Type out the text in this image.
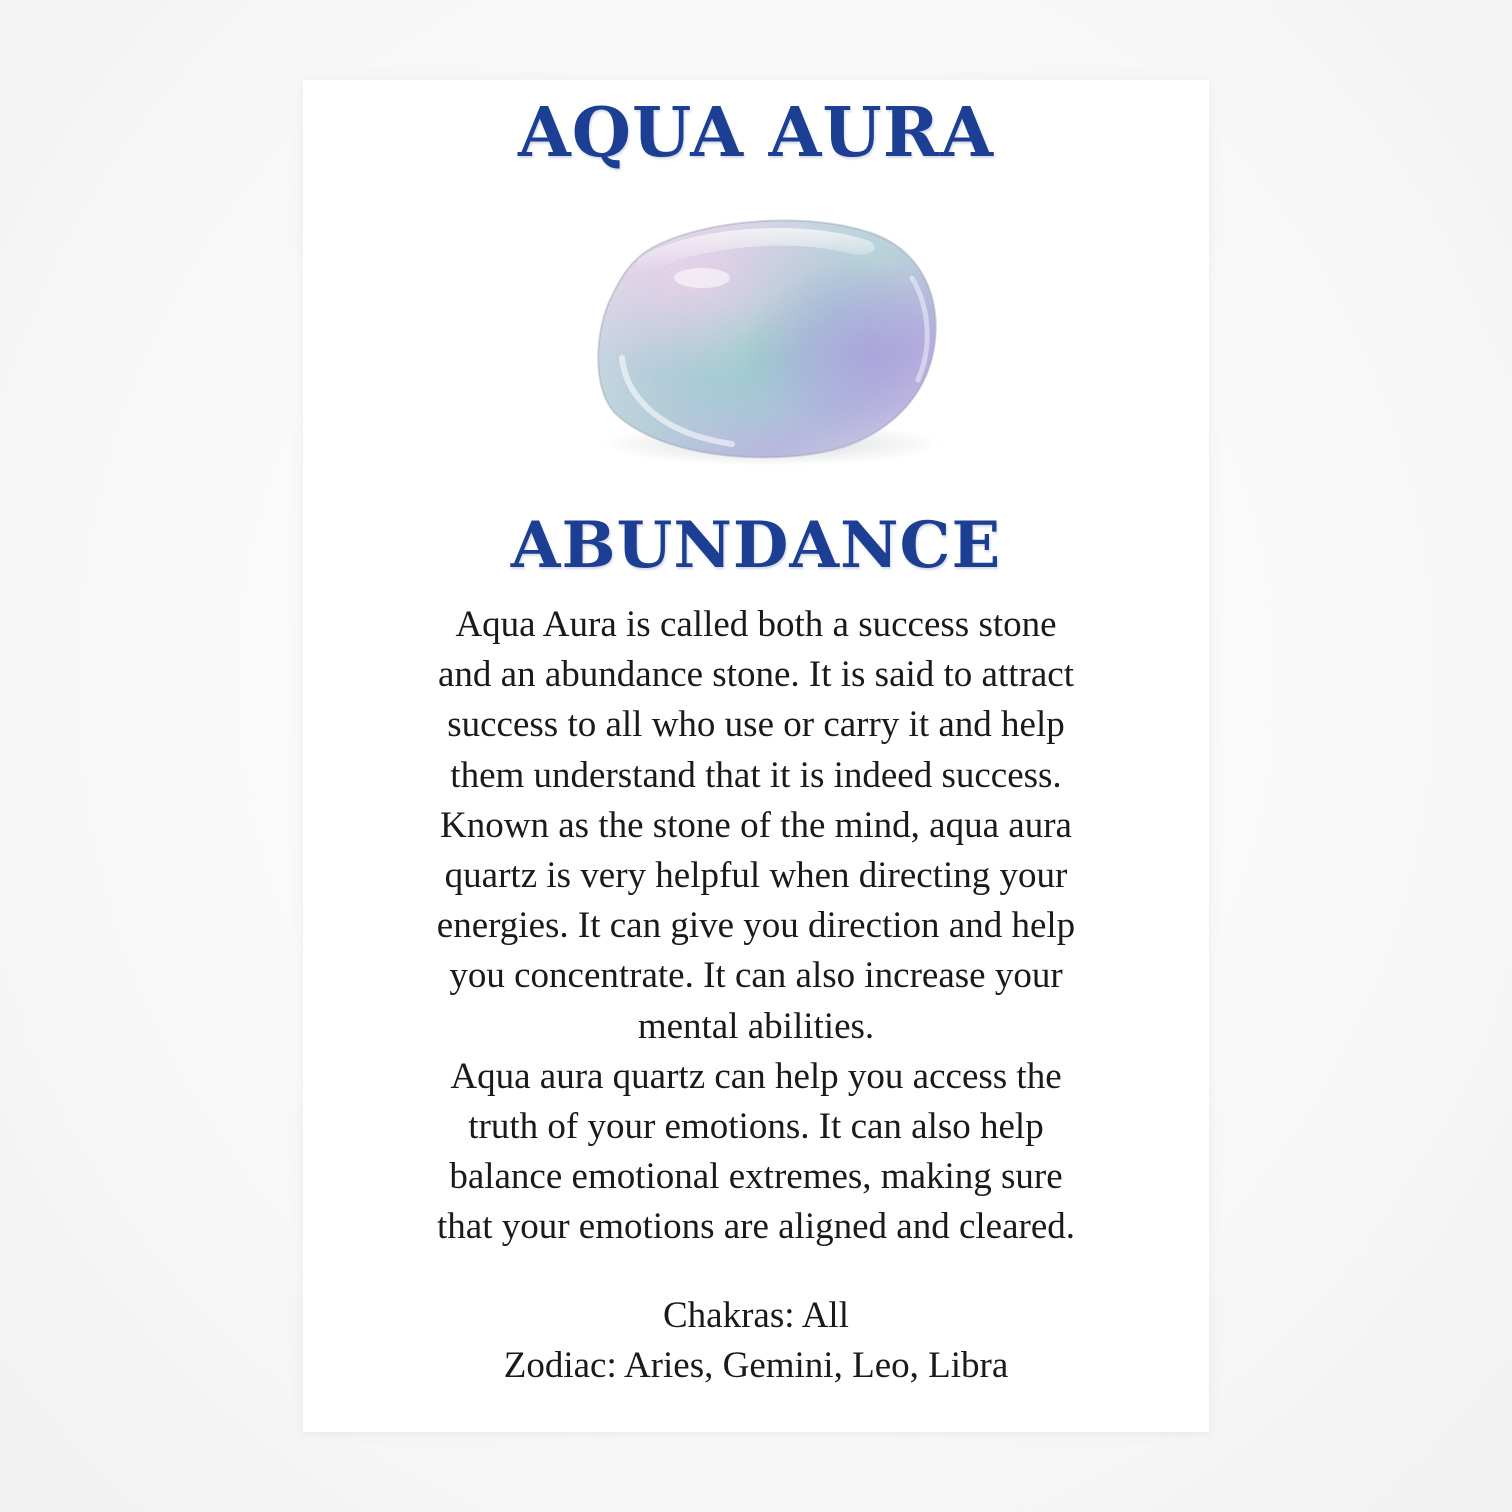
AQUA AURA
ABUNDANCE
Aqua Aura is called both a success stone
and an abundance stone. It is said to attract
success to all who use or carry it and help
them understand that it is indeed success.
Known as the stone of the mind, aqua aura
quartz is very helpful when directing your
energies. It can give you direction and help
you concentrate. It can also increase your
mental abilities.
Aqua aura quartz can help you access the
truth of your emotions. It can also help
balance emotional extremes, making sure
that your emotions are aligned and cleared.
Chakras: All
Zodiac: Aries, Gemini, Leo, Libra
